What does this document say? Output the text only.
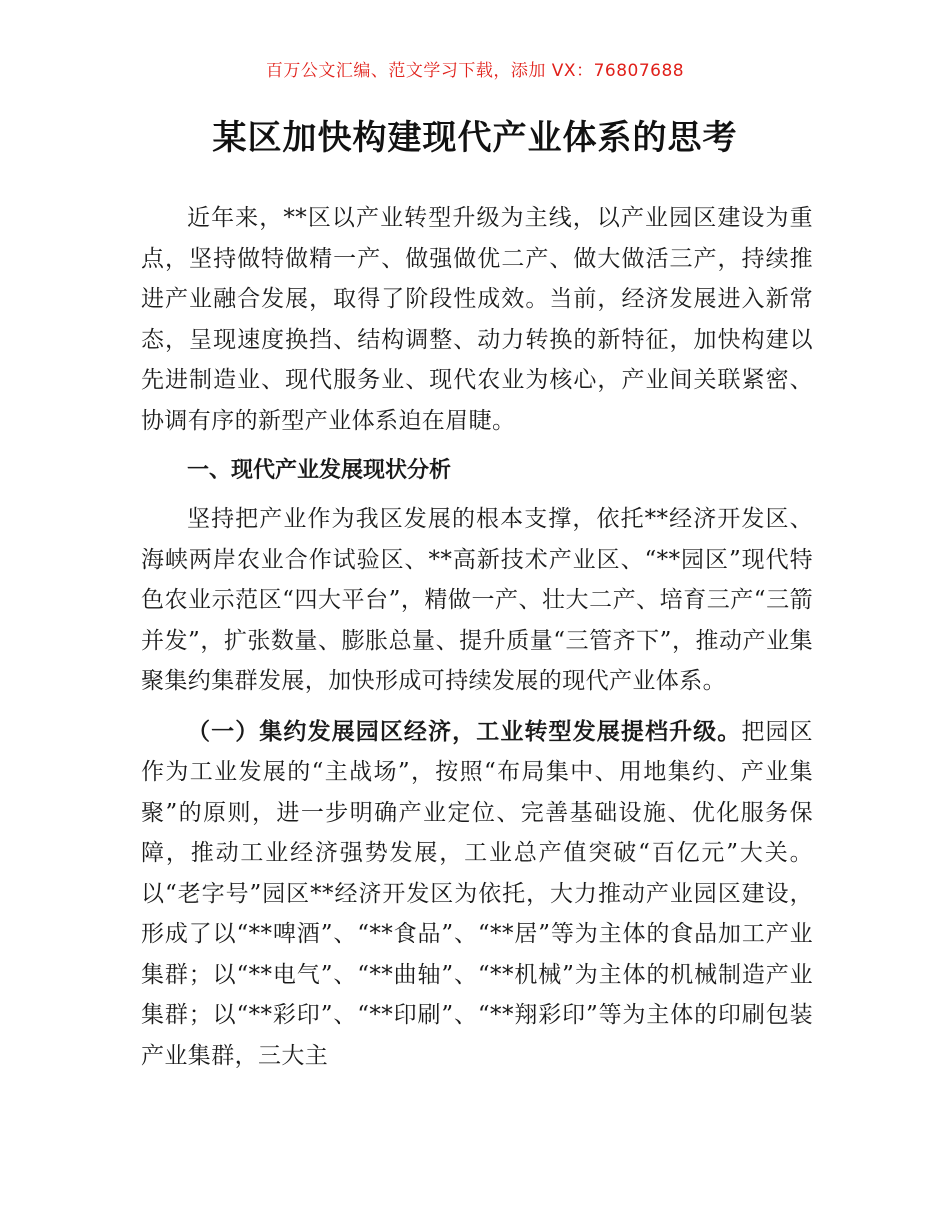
百万公文汇编、范文学习下载，添加 VX：76807688
某区加快构建现代产业体系的思考

近年来，**区以产业转型升级为主线，以产业园区建设为重点，坚持做特做精一产、做强做优二产、做大做活三产，持续推进产业融合发展，取得了阶段性成效。当前，经济发展进入新常态，呈现速度换挡、结构调整、动力转换的新特征，加快构建以先进制造业、现代服务业、现代农业为核心，产业间关联紧密、协调有序的新型产业体系迫在眉睫。

一、现代产业发展现状分析

坚持把产业作为我区发展的根本支撑，依托**经济开发区、海峡两岸农业合作试验区、**高新技术产业区、“**园区”现代特色农业示范区“四大平台”，精做一产、壮大二产、培育三产“三箭并发”，扩张数量、膨胀总量、提升质量“三管齐下”，推动产业集聚集约集群发展，加快形成可持续发展的现代产业体系。

（一）集约发展园区经济，工业转型发展提档升级。把园区作为工业发展的“主战场”，按照“布局集中、用地集约、产业集聚”的原则，进一步明确产业定位、完善基础设施、优化服务保障，推动工业经济强势发展，工业总产值突破“百亿元”大关。以“老字号”园区**经济开发区为依托，大力推动产业园区建设，形成了以“**啤酒”、“**食品”、“**居”等为主体的食品加工产业集群；以“**电气”、“**曲轴”、“**机械”为主体的机械制造产业集群；以“**彩印”、“**印刷”、“**翔彩印”等为主体的印刷包装产业集群，三大主
